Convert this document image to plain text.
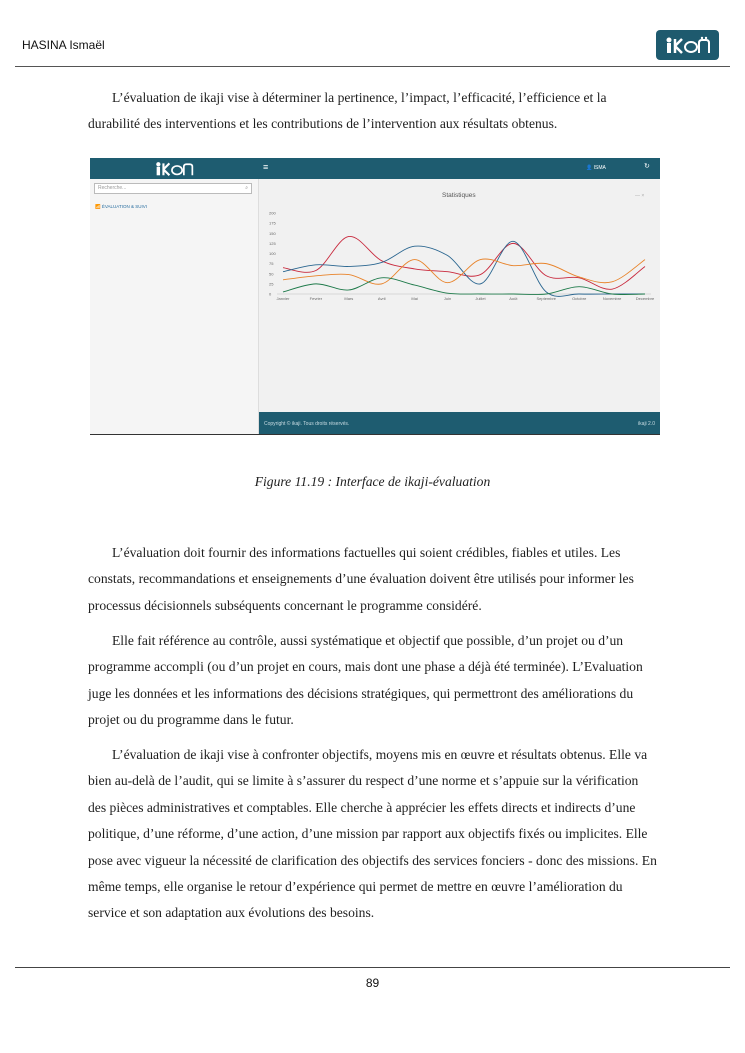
HASINA Ismaël
L’évaluation de ikaji vise à déterminer la pertinence, l’impact, l’efficacité, l’efficience et la durabilité des interventions et les contributions de l’intervention aux résultats obtenus.
≡	👤 ISMA	↻
Recherche...	⌕
📶 ÉVALUATION & SUIVI
Statistiques	— ×
0
25
50
75
100
125
150
175
200
Janvier	Fevrier	Mars	Avril	Mai	Juin	Juillet	Août	Septembre	Octobre	Novembre	Decembre
Copyright © ikaji. Tous droits réservés.	ikaji 2.0
Figure 11.19 : Interface de ikaji-évaluation
L’évaluation doit fournir des informations factuelles qui soient crédibles, fiables et utiles. Les constats, recommandations et enseignements d’une évaluation doivent être utilisés pour informer les processus décisionnels subséquents concernant le programme considéré.
Elle fait référence au contrôle, aussi systématique et objectif que possible, d’un projet ou d’un programme accompli (ou d’un projet en cours, mais dont une phase a déjà été terminée). L’Evaluation juge les données et les informations des décisions stratégiques, qui permettront des améliorations du projet ou du programme dans le futur.
L’évaluation de ikaji vise à confronter objectifs, moyens mis en œuvre et résultats obtenus. Elle va bien au-delà de l’audit, qui se limite à s’assurer du respect d’une norme et s’appuie sur la vérification des pièces administratives et comptables. Elle cherche à apprécier les effets directs et indirects d’une politique, d’une réforme, d’une action, d’une mission par rapport aux objectifs fixés ou implicites. Elle pose avec vigueur la nécessité de clarification des objectifs des services fonciers - donc des missions. En même temps, elle organise le retour d’expérience qui permet de mettre en œuvre l’amélioration du service et son adaptation aux évolutions des besoins.
89
